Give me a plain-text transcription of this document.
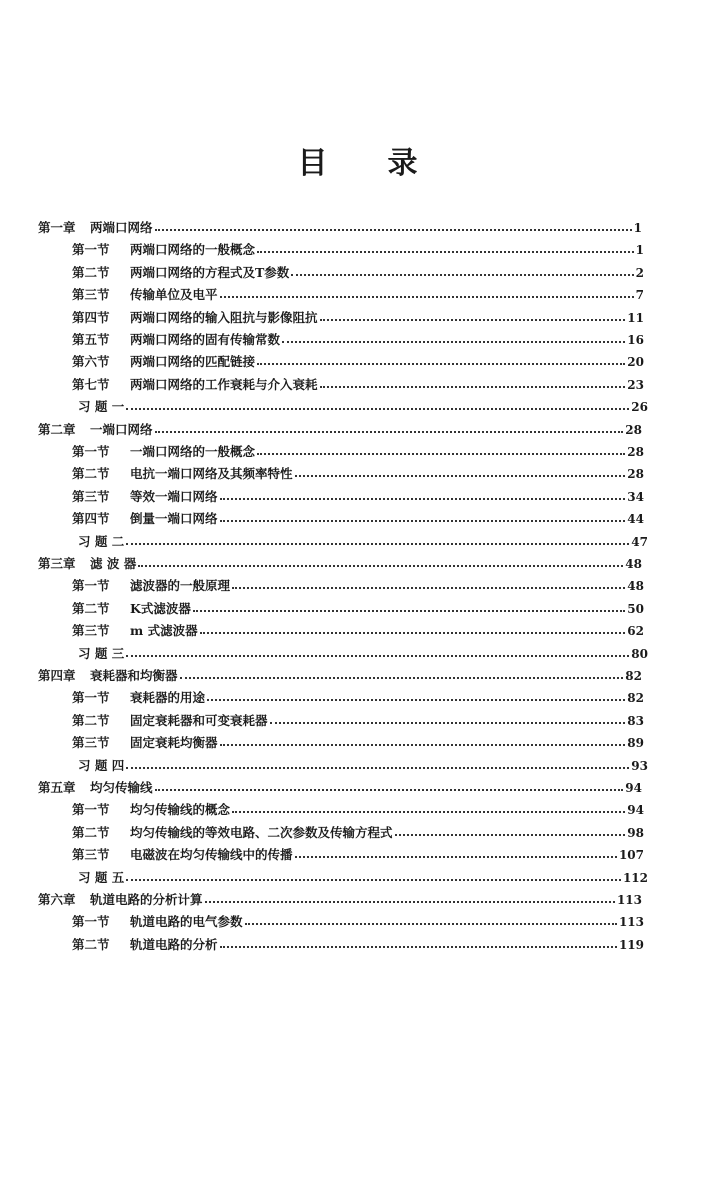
目 录
第一章 两端口网络	1
第一节 两端口网络的一般概念	1
第二节 两端口网络的方程式及T参数	2
第三节 传输单位及电平	7
第四节 两端口网络的输入阻抗与影像阻抗	11
第五节 两端口网络的固有传输常数	16
第六节 两端口网络的匹配链接	20
第七节 两端口网络的工作衰耗与介入衰耗	23
习 题 一	26
第二章 一端口网络	28
第一节 一端口网络的一般概念	28
第二节 电抗一端口网络及其频率特性	28
第三节 等效一端口网络	34
第四节 倒量一端口网络	44
习 题 二	47
第三章 滤 波 器	48
第一节 滤波器的一般原理	48
第二节 K式滤波器	50
第三节 m 式滤波器	62
习 题 三	80
第四章 衰耗器和均衡器	82
第一节 衰耗器的用途	82
第二节 固定衰耗器和可变衰耗器	83
第三节 固定衰耗均衡器	89
习 题 四	93
第五章 均匀传输线	94
第一节 均匀传输线的概念	94
第二节 均匀传输线的等效电路、二次参数及传输方程式	98
第三节 电磁波在均匀传输线中的传播	107
习 题 五	112
第六章 轨道电路的分析计算	113
第一节 轨道电路的电气参数	113
第二节 轨道电路的分析	119
